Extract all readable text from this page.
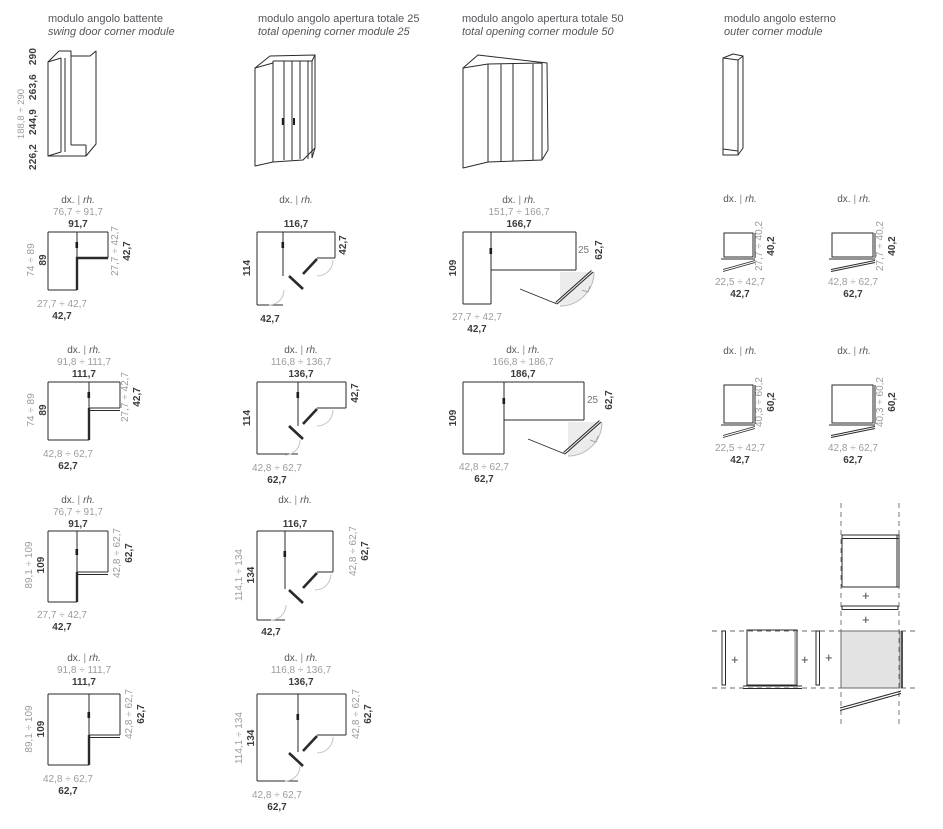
modulo angolo battente
swing door corner module
modulo angolo apertura totale 25
total opening corner module 25
modulo angolo apertura totale 50
total opening corner module 50
modulo angolo esterno
outer corner module
188,8 ÷ 290 226,2   244,9   263,6   290
dx. | rh.
76,7 ÷ 91,7
91,7
74 ÷ 89 89	27,7 ÷ 42,7 42,7
27,7 ÷ 42,7
42,7
dx. | rh.
91,8 ÷ 111,7
111,7
74 ÷ 89 89	27,7 ÷ 42,7 42,7
42,8 ÷ 62,7
62,7
dx. | rh.
76,7 ÷ 91,7
91,7
89,1 ÷ 109 109	42,8 ÷ 62,7 62,7
27,7 ÷ 42,7
42,7
dx. | rh.
91,8 ÷ 111,7
111,7
89,1 ÷ 109 109	42,8 ÷ 62,7 62,7
42,8 ÷ 62,7
62,7
dx. | rh.
116,7
114
42,7
42,7
dx. | rh.
116,8 ÷ 136,7
136,7
114
42,7
42,8 ÷ 62,7
62,7
dx. | rh.
116,7
114,1 ÷ 134 134	42,8 ÷ 62,7 62,7
42,7
dx. | rh.
116,8 ÷ 136,7
136,7
114,1 ÷ 134 134	42,8 ÷ 62,7 62,7
42,8 ÷ 62,7
62,7
dx. | rh.
151,7 ÷ 166,7
166,7
109
25 62,7
27,7 ÷ 42,7
42,7
dx. | rh.
166,8 ÷ 186,7
186,7
109
25 62,7
42,8 ÷ 62,7
62,7
dx. | rh.
27,7 ÷ 40,2 40,2
22,5 ÷ 42,7
42,7
dx. | rh.
27,7 ÷ 40,2 40,2
42,8 ÷ 62,7
62,7
dx. | rh.
40,3 ÷ 60,2 60,2
22,5 ÷ 42,7
42,7
dx. | rh.
40,3 ÷ 60,2 60,2
42,8 ÷ 62,7
62,7
+
+
+	+ +
